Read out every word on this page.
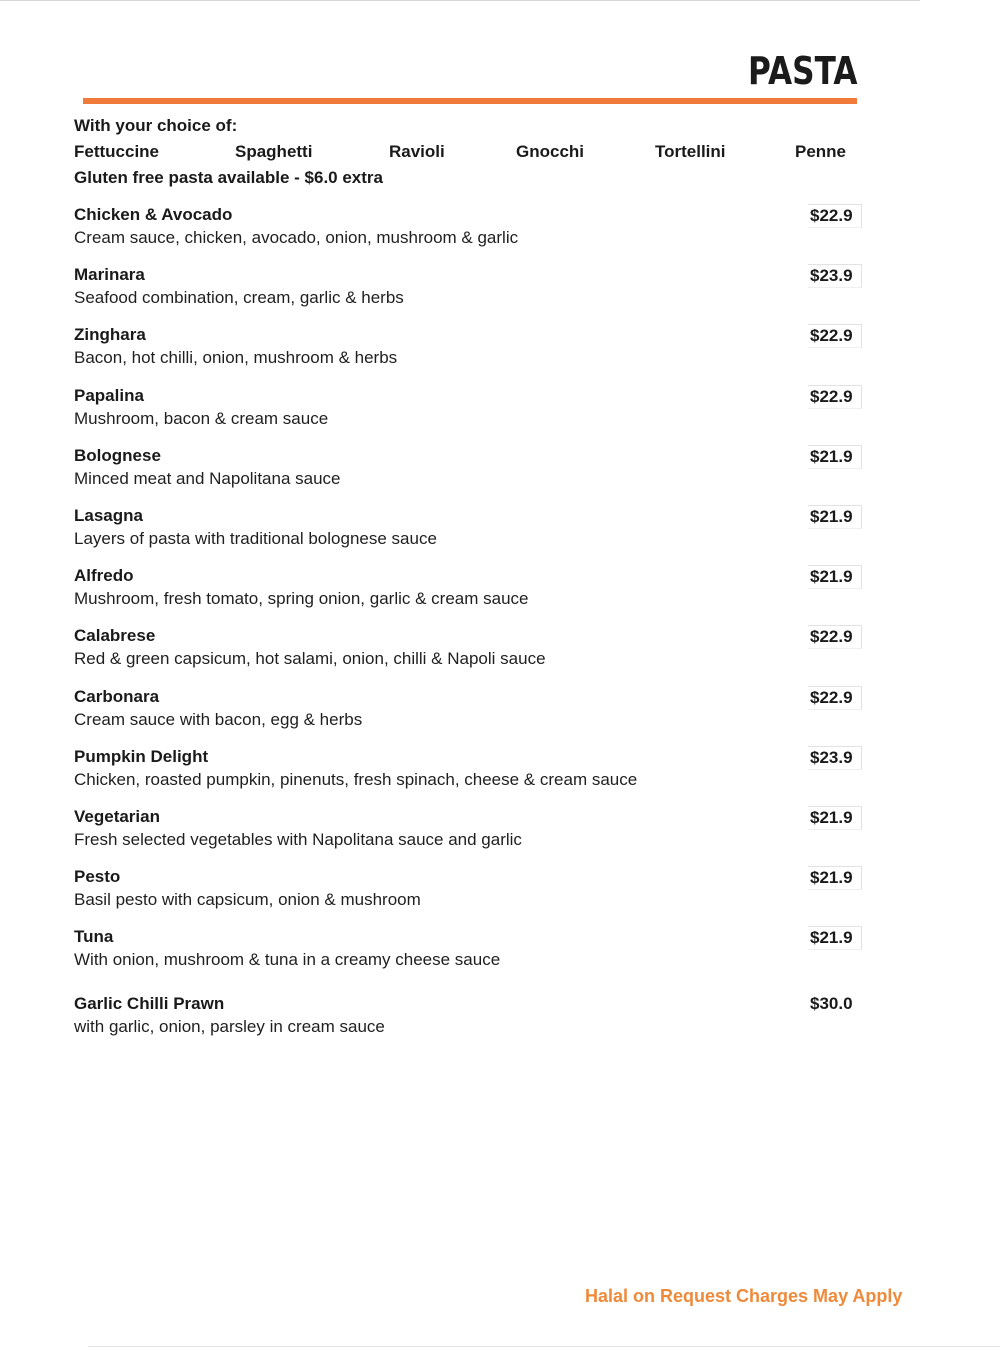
PASTA
With your choice of:
Fettuccine	Spaghetti	Ravioli	Gnocchi	Tortellini	Penne
Gluten free pasta available - $6.0 extra
Chicken & Avocado
Cream sauce, chicken, avocado, onion, mushroom & garlic
$22.9
Marinara
Seafood combination, cream, garlic & herbs
$23.9
Zinghara
Bacon, hot chilli, onion, mushroom & herbs
$22.9
Papalina
Mushroom, bacon & cream sauce
$22.9
Bolognese
Minced meat and Napolitana sauce
$21.9
Lasagna
Layers of pasta with traditional bolognese sauce
$21.9
Alfredo
Mushroom, fresh tomato, spring onion, garlic & cream sauce
$21.9
Calabrese
Red & green capsicum, hot salami, onion, chilli & Napoli sauce
$22.9
Carbonara
Cream sauce with bacon, egg & herbs
$22.9
Pumpkin Delight
Chicken, roasted pumpkin, pinenuts, fresh spinach, cheese & cream sauce
$23.9
Vegetarian
Fresh selected vegetables with Napolitana sauce and garlic
$21.9
Pesto
Basil pesto with capsicum, onion & mushroom
$21.9
Tuna
With onion, mushroom & tuna in a creamy cheese sauce
$21.9
Garlic Chilli Prawn
with garlic, onion, parsley in cream sauce
$30.0
Halal on Request Charges May Apply
